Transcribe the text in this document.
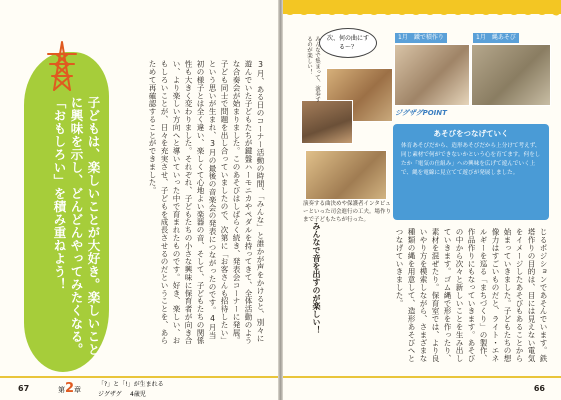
子どもは、楽しいことが大好き。楽しいことに興味を示し、どんどんやってみたくなる。「おもしろい」を積み重ねよう！	3月、ある日のコーナー活動の時間、「みんな」と誰かが声をかけると、別々に遊んでいた子どもたちが鍵盤ハーモニカやペダルを持ってきて、全体活動のような合奏会が始まりました。このあそびはしばらく続き、発表会コーナーに発展。子ども同士で問題を出し合っていましたので、次第に「お客さんも招待したい」という思いが生まれ、3月の最後の音楽会の発表につながったのです。4月当初の様子とは全く違い、楽しくて心地よい楽器の音、そして、子どもたちの関係性も大きく変わりました。それぞれ、子どもたちの小さな興味に保育者が向き合い、より楽しい方向へと導いていった中で育まれたものです。好き、楽しい、おもしろいことが、日々を充実させ、子どもを成長させるのだということを、あらためて再確認することができました。
67	第2章
「?」と「!」が生まれる
ジグザグ 4歳児
次、何の曲にする〜？
みんなで集まって、演奏するのが楽しい！
演奏する曲決めや保護者インタビューといった司会進行の工夫。場作りまで子どもたちが行った。
1月　鐵で積作り	1月　縄あそび
ジグザグPOINT
あそびをつなげていく
体育あそびだから、造形あそびだから上分けて考えず、同じ素材で何ができないかという心を育てます。何をしたか「電気の仕組み」への興味を広げて遊んでいく上で、縄を電線に見立てて遊びが発展しました。
みんなで音を出すのが楽しい！	じるポジションであそんでいます。鉄塔作りの目的は、目には見えない電気をイメージしたあそびもあることから始まっていきました。子どもたちの想像力はすごいものだと、ライト・エネルギーを巡る「まちづくり」の製作、作品作りにもなっていきます。あそびの中から次々と新しいことを生み出していきます。ゴム縄で形を作ったり、素材を混ぜたり。保育室では、より良いやり方を模索しながら、さまざまな種類の縄を用意して、造形あそびへとつなげていきました。
66
